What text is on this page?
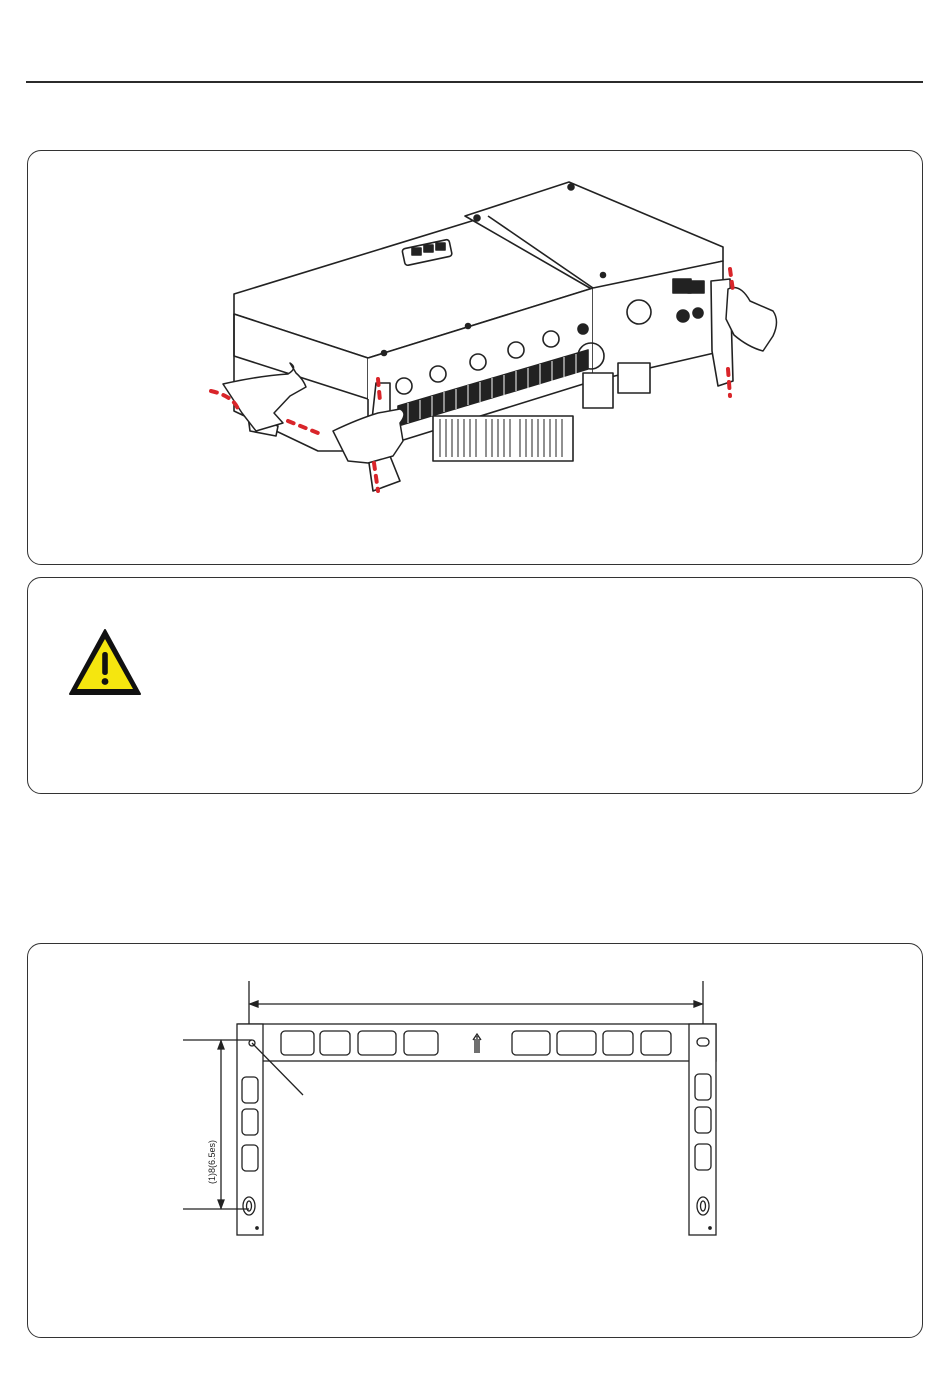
(1)8(6.5es)
